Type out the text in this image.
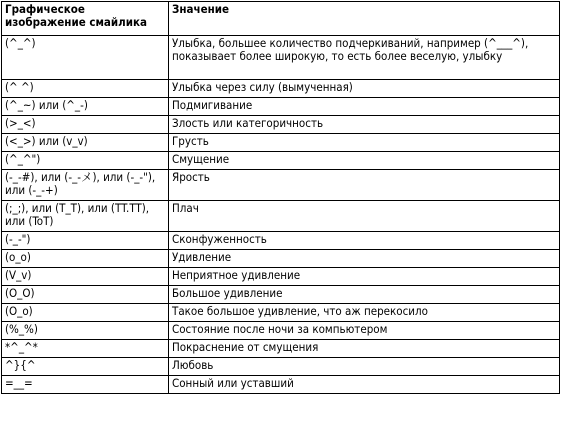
Графическое изображение смайлика	Значение
(^_^)	Улыбка, большее количество подчеркиваний, например (^___^), показывает более широкую, то есть более веселую, улыбку
(^ ^)	Улыбка через силу (вымученная)
(^_~) или (^_-)	Подмигивание
(>_<)	Злость или категоричность
(<_>) или (v_v)	Грусть
(^_^")	Смущение
(-_-#), или (-_-メ), или (-_-"), или (-_-+)	Ярость
(;_;), или (T_T), или (TT.TT), или (ToT)	Плач
(-_-")	Сконфуженность
(o_o)	Удивление
(V_v)	Неприятное удивление
(O_O)	Большое удивление
(O_o)	Такое большое удивление, что аж перекосило
(%_%)	Состояние после ночи за компьютером
*^_^*	Покраснение от смущения
^}{^	Любовь
=__=	Сонный или уставший
